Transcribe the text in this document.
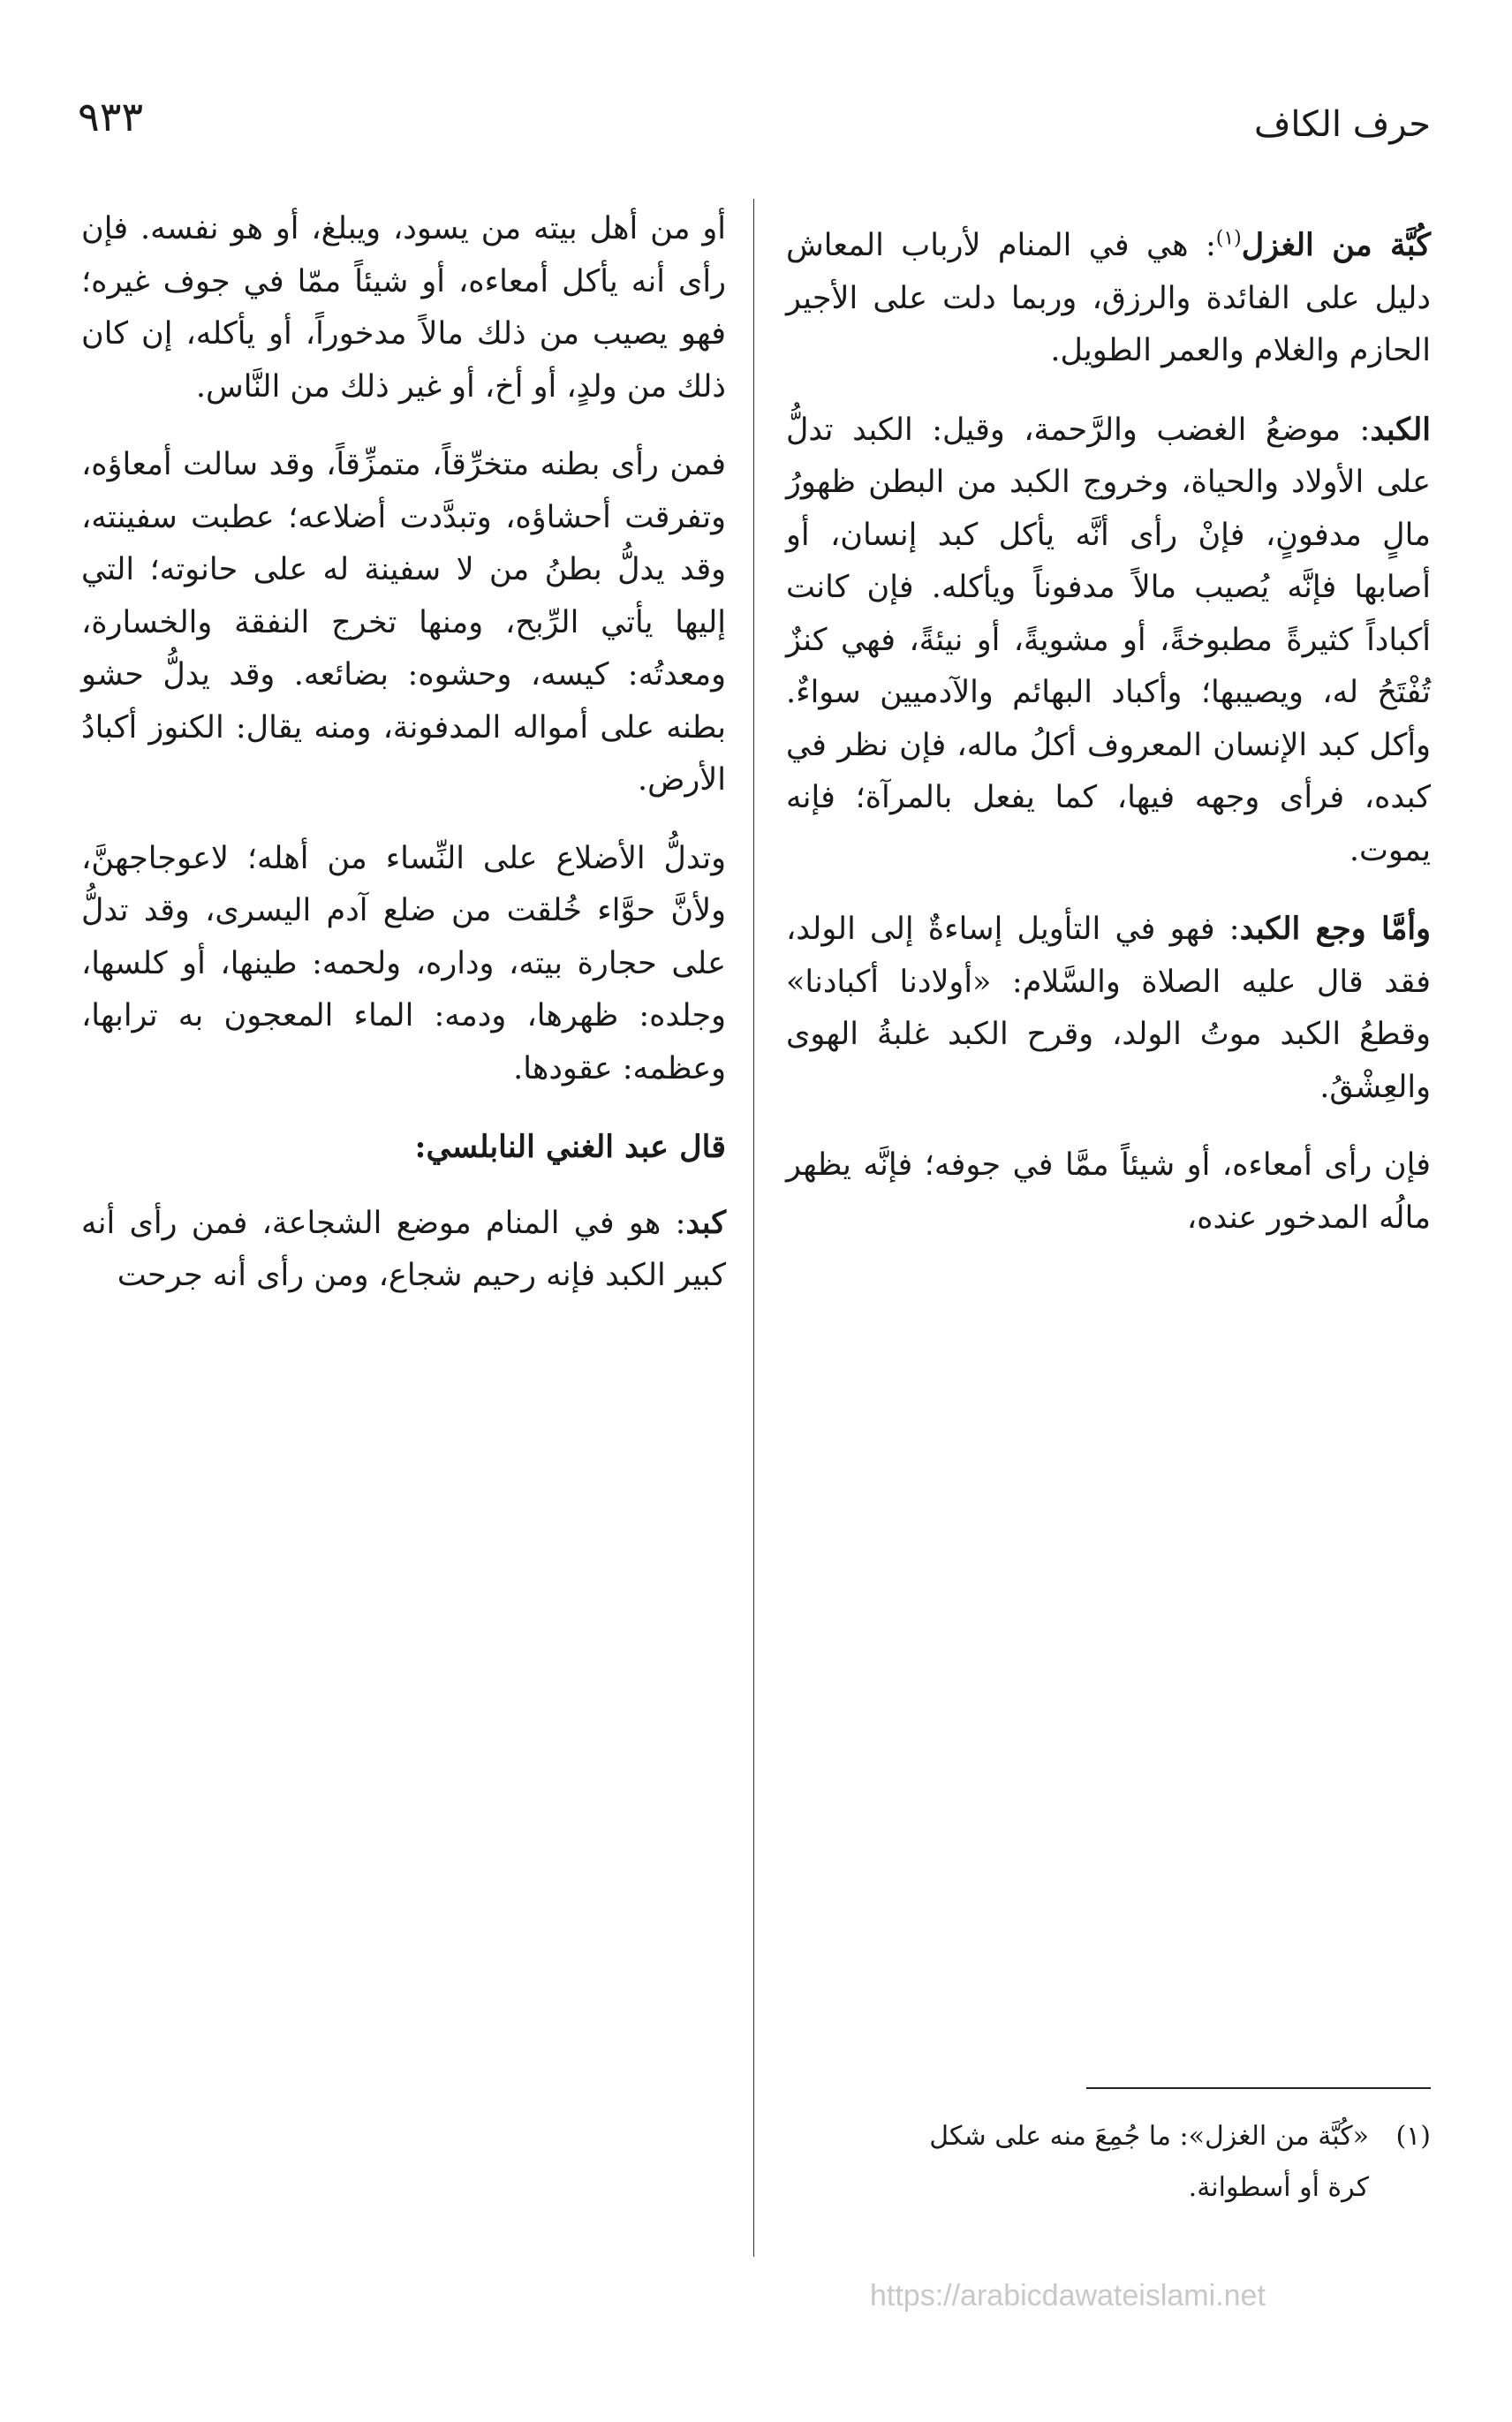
حرف الكاف
٩٣٣

كُبَّة من الغزل$^{(١)}$: هي في المنام لأرباب المعاش دليل على الفائدة والرزق، وربما دلت على الأجير الحازم والغلام والعمر الطويل.

الكبد: موضعُ الغضب والرَّحمة، وقيل: الكبد تدلُّ على الأولاد والحياة، وخروج الكبد من البطن ظهورُ مالٍ مدفونٍ، فإنْ رأى أنَّه يأكل كبد إنسان، أو أصابها فإنَّه يُصيب مالاً مدفوناً ويأكله. فإن كانت أكباداً كثيرةً مطبوخةً، أو مشويةً، أو نيئةً، فهي كنزٌ تُفْتَحُ له، ويصيبها؛ وأكباد البهائم والآدميين سواءٌ. وأكل كبد الإنسان المعروف أكلُ ماله، فإن نظر في كبده، فرأى وجهه فيها، كما يفعل بالمرآة؛ فإنه يموت.

وأمَّا وجع الكبد: فهو في التأويل إساءةٌ إلى الولد، فقد قال عليه الصلاة والسَّلام: «أولادنا أكبادنا» وقطعُ الكبد موتُ الولد، وقرح الكبد غلبةُ الهوى والعِشْقُ.

فإن رأى أمعاءه، أو شيئاً ممَّا في جوفه؛ فإنَّه يظهر مالُه المدخور عنده،

أو من أهل بيته من يسود، ويبلغ، أو هو نفسه. فإن رأى أنه يأكل أمعاءه، أو شيئاً ممّا في جوف غيره؛ فهو يصيب من ذلك مالاً مدخوراً، أو يأكله، إن كان ذلك من ولدٍ، أو أخ، أو غير ذلك من النَّاس.

فمن رأى بطنه متخرِّقاً، متمزِّقاً، وقد سالت أمعاؤه، وتفرقت أحشاؤه، وتبدَّدت أضلاعه؛ عطبت سفينته، وقد يدلُّ بطنُ من لا سفينة له على حانوته؛ التي إليها يأتي الرِّبح، ومنها تخرج النفقة والخسارة، ومعدتُه: كيسه، وحشوه: بضائعه. وقد يدلُّ حشو بطنه على أمواله المدفونة، ومنه يقال: الكنوز أكبادُ الأرض.

وتدلُّ الأضلاع على النِّساء من أهله؛ لاعوجاجهنَّ، ولأنَّ حوَّاء خُلقت من ضلع آدم اليسرى، وقد تدلُّ على حجارة بيته، وداره، ولحمه: طينها، أو كلسها، وجلده: ظهرها، ودمه: الماء المعجون به ترابها، وعظمه: عقودها.

قال عبد الغني النابلسي:

كبد: هو في المنام موضع الشجاعة، فمن رأى أنه كبير الكبد فإنه رحيم شجاع، ومن رأى أنه جرحت

(١)«كُبَّة من الغزل»: ما جُمِعَ منه على شكل
كرة أو أسطوانة.
https://arabicdawateislami.net
